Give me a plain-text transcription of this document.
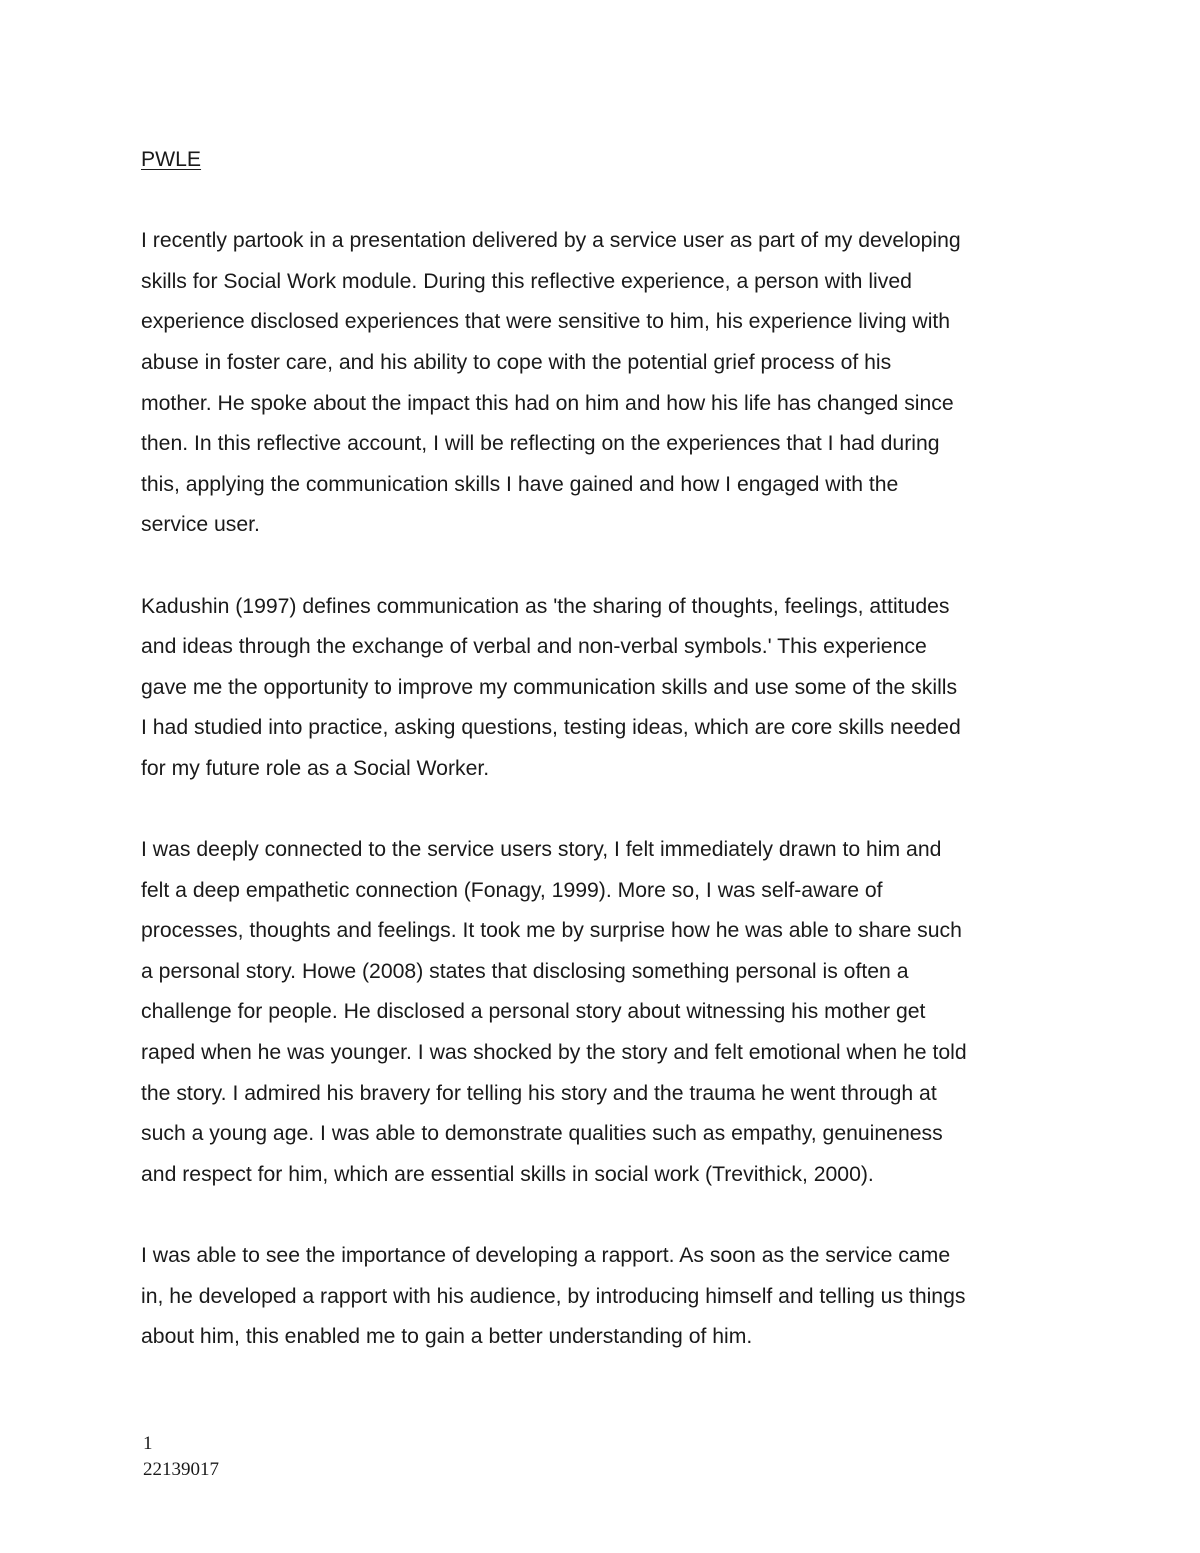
PWLE
I recently partook in a presentation delivered by a service user as part of my developing
skills for Social Work module. During this reflective experience, a person with lived
experience disclosed experiences that were sensitive to him, his experience living with
abuse in foster care, and his ability to cope with the potential grief process of his
mother. He spoke about the impact this had on him and how his life has changed since
then. In this reflective account, I will be reflecting on the experiences that I had during
this, applying the communication skills I have gained and how I engaged with the
service user.
Kadushin (1997) defines communication as 'the sharing of thoughts, feelings, attitudes
and ideas through the exchange of verbal and non-verbal symbols.' This experience
gave me the opportunity to improve my communication skills and use some of the skills
I had studied into practice, asking questions, testing ideas, which are core skills needed
for my future role as a Social Worker.
I was deeply connected to the service users story, I felt immediately drawn to him and
felt a deep empathetic connection (Fonagy, 1999). More so, I was self-aware of
processes, thoughts and feelings. It took me by surprise how he was able to share such
a personal story. Howe (2008) states that disclosing something personal is often a
challenge for people. He disclosed a personal story about witnessing his mother get
raped when he was younger. I was shocked by the story and felt emotional when he told
the story. I admired his bravery for telling his story and the trauma he went through at
such a young age. I was able to demonstrate qualities such as empathy, genuineness
and respect for him, which are essential skills in social work (Trevithick, 2000).
I was able to see the importance of developing a rapport. As soon as the service came
in, he developed a rapport with his audience, by introducing himself and telling us things
about him, this enabled me to gain a better understanding of him.
1
22139017
